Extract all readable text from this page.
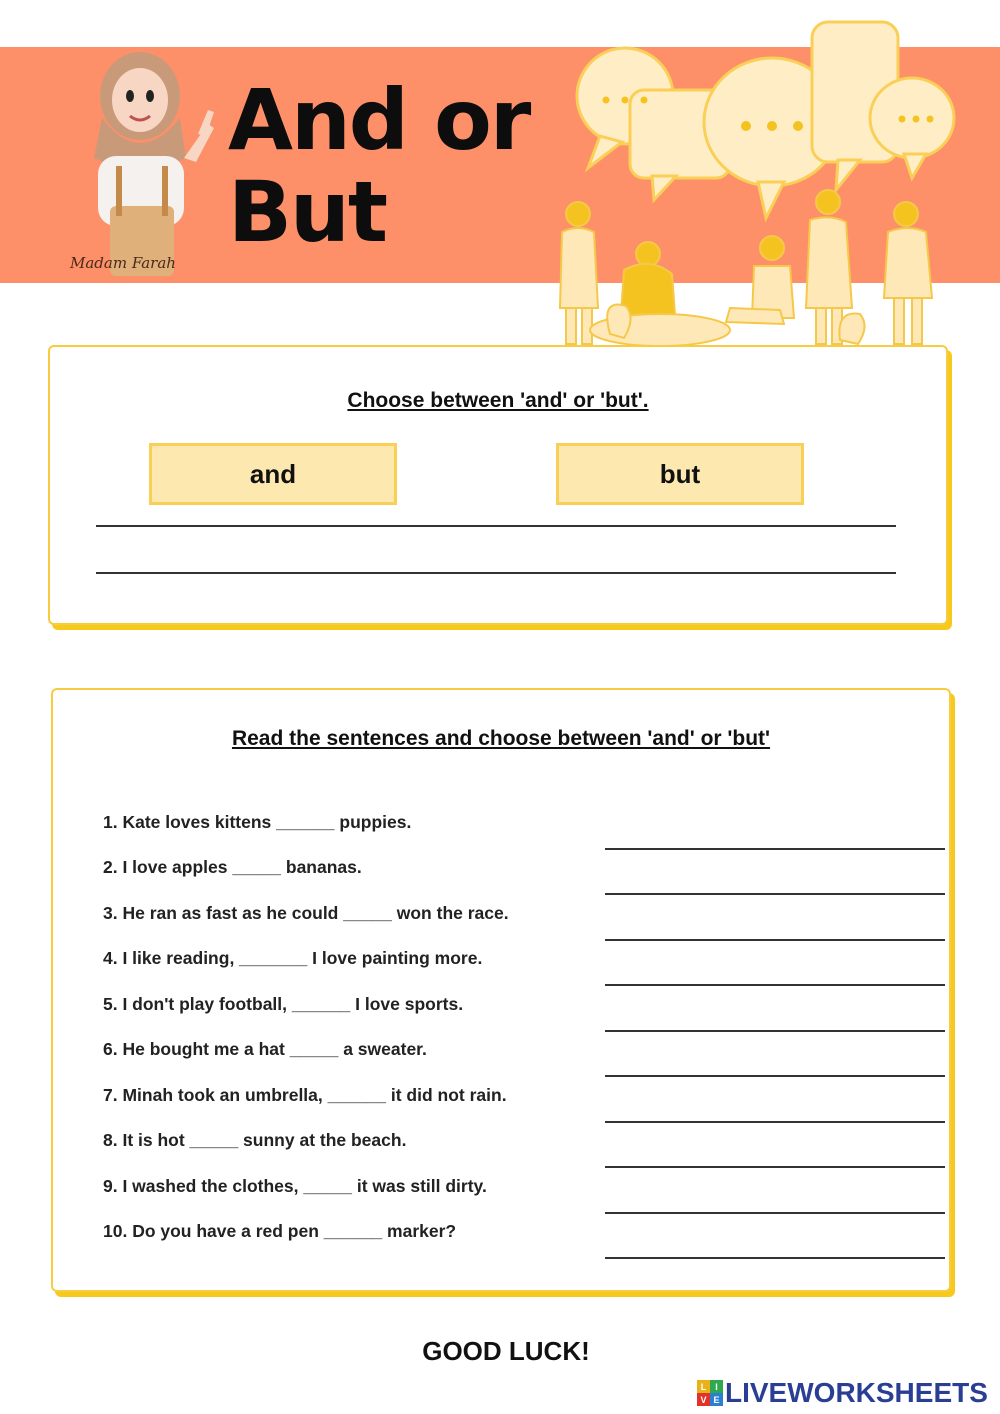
Madam Farah
And or
But
Choose between 'and' or 'but'.
and	but
Read the sentences and choose between 'and' or 'but'
1. Kate loves kittens ______ puppies.
2. I love apples _____ bananas.
3. He ran as fast as he could _____ won the race.
4. I like reading, _______ I love painting more.
5. I don't play football, ______ I love sports.
6. He bought me a hat _____ a sweater.
7. Minah took an umbrella, ______ it did not rain.
8. It is hot _____ sunny at the beach.
9. I washed the clothes, _____ it was still dirty.
10. Do you have a red pen ______ marker?
GOOD LUCK!
L I
V E LIVEWORKSHEETS
